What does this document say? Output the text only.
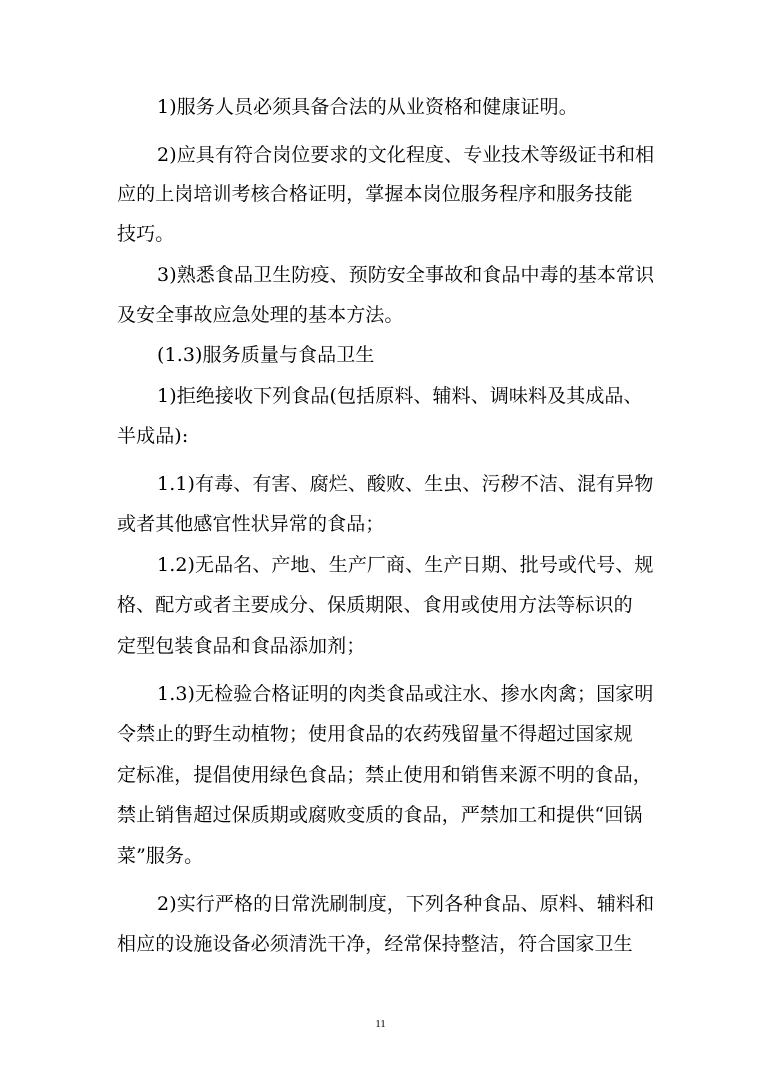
1)服务人员必须具备合法的从业资格和健康证明。
2)应具有符合岗位要求的文化程度、专业技术等级证书和相
应的上岗培训考核合格证明，掌握本岗位服务程序和服务技能
技巧。
3)熟悉食品卫生防疫、预防安全事故和食品中毒的基本常识
及安全事故应急处理的基本方法。
(1.3)服务质量与食品卫生
1)拒绝接收下列食品(包括原料、辅料、调味料及其成品、
半成品):
1.1)有毒、有害、腐烂、酸败、生虫、污秽不洁、混有异物
或者其他感官性状异常的食品；
1.2)无品名、产地、生产厂商、生产日期、批号或代号、规
格、配方或者主要成分、保质期限、食用或使用方法等标识的
定型包装食品和食品添加剂；
1.3)无检验合格证明的肉类食品或注水、掺水肉禽；国家明
令禁止的野生动植物；使用食品的农药残留量不得超过国家规
定标准，提倡使用绿色食品；禁止使用和销售来源不明的食品，
禁止销售超过保质期或腐败变质的食品，严禁加工和提供“回锅
菜”服务。
2)实行严格的日常洗刷制度，下列各种食品、原料、辅料和
相应的设施设备必须清洗干净，经常保持整洁，符合国家卫生
11
